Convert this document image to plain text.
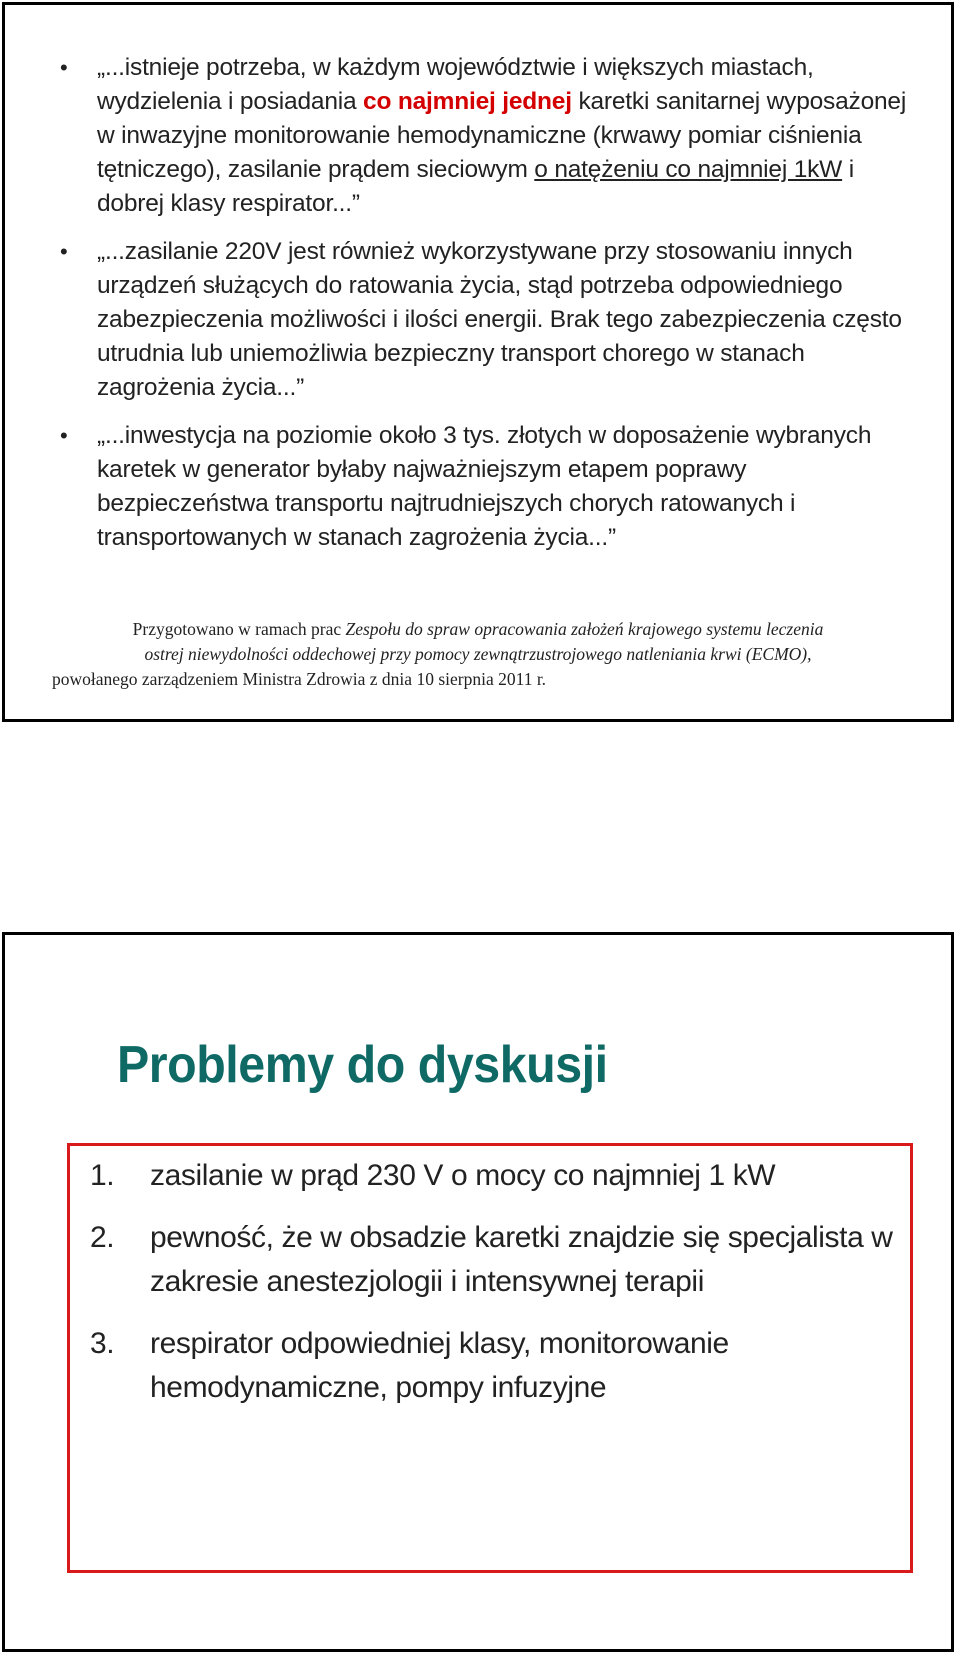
• „...istnieje potrzeba, w każdym województwie i większych miastach, wydzielenia i posiadania co najmniej jednej karetki sanitarnej wyposażonej w inwazyjne monitorowanie hemodynamiczne (krwawy pomiar ciśnienia tętniczego), zasilanie prądem sieciowym o natężeniu co najmniej 1kW i dobrej klasy respirator...”
• „...zasilanie 220V jest również wykorzystywane przy stosowaniu innych urządzeń służących do ratowania życia, stąd potrzeba odpowiedniego zabezpieczenia możliwości i ilości energii. Brak tego zabezpieczenia często utrudnia lub uniemożliwia bezpieczny transport chorego w stanach zagrożenia życia...”
• „...inwestycja na poziomie około 3 tys. złotych w doposażenie wybranych karetek w generator byłaby najważniejszym etapem poprawy bezpieczeństwa transportu najtrudniejszych chorych ratowanych i transportowanych w stanach zagrożenia życia...”
Przygotowano w ramach prac Zespołu do spraw opracowania założeń krajowego systemu leczenia
ostrej niewydolności oddechowej przy pomocy zewnątrzustrojowego natleniania krwi (ECMO),
powołanego zarządzeniem Ministra Zdrowia z dnia 10 sierpnia 2011 r.
Problemy do dyskusji
1. zasilanie w prąd 230 V o mocy co najmniej 1 kW
2. pewność, że w obsadzie karetki znajdzie się specjalista w zakresie anestezjologii i intensywnej terapii
3. respirator odpowiedniej klasy, monitorowanie hemodynamiczne, pompy infuzyjne
